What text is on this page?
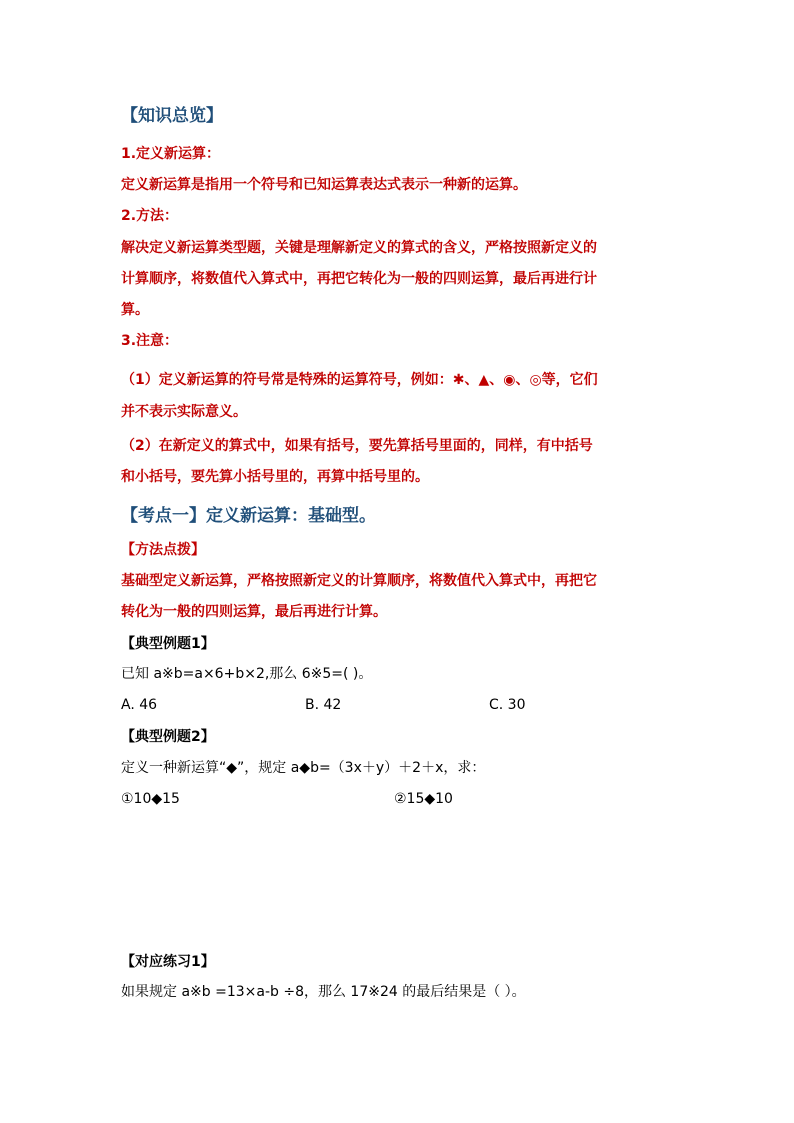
【知识总览】
1.定义新运算：
定义新运算是指用一个符号和已知运算表达式表示一种新的运算。
2.方法：
解决定义新运算类型题，关键是理解新定义的算式的含义，严格按照新定义的
计算顺序，将数值代入算式中，再把它转化为一般的四则运算，最后再进行计
算。
3.注意：
（1）定义新运算的符号常是特殊的运算符号，例如：✱、▲、◉、◎等，它们
并不表示实际意义。
（2）在新定义的算式中，如果有括号，要先算括号里面的，同样，有中括号
和小括号，要先算小括号里的，再算中括号里的。
【考点一】定义新运算：基础型。
【方法点拨】
基础型定义新运算，严格按照新定义的计算顺序，将数值代入算式中，再把它
转化为一般的四则运算，最后再进行计算。
【典型例题1】
已知 a※b=a×6+b×2,那么 6※5=( )。
A. 46	B. 42	C. 30
【典型例题2】
定义一种新运算“◆”，规定 a◆b=（3x＋y）＋2＋x，求：
①10◆15	②15◆10
【对应练习1】
如果规定 a※b =13×a-b ÷8，那么 17※24 的最后结果是（ ）。
